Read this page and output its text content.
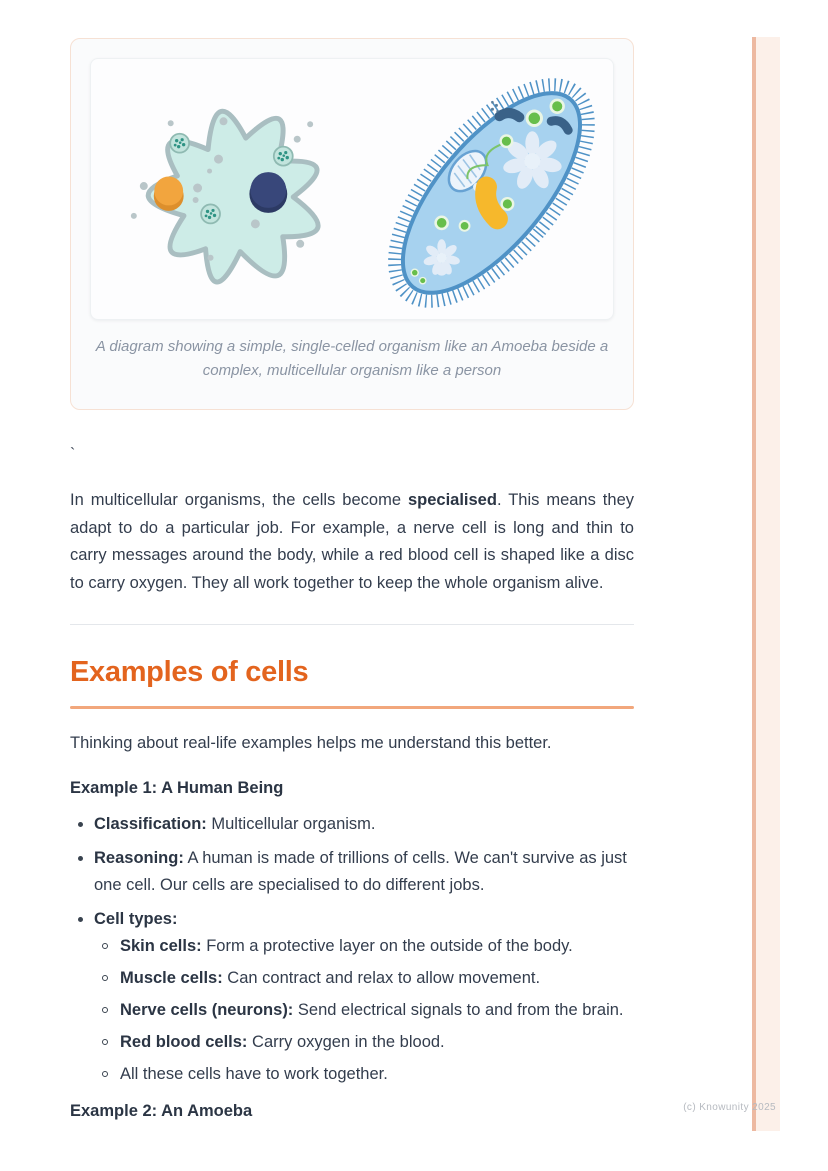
(c) Knowunity 2025
A diagram showing a simple, single-celled organism like an Amoeba beside a
complex, multicellular organism like a person

`

In multicellular organisms, the cells become specialised. This means they adapt to do a particular job. For example, a nerve cell is long and thin to carry messages around the body, while a red blood cell is shaped like a disc to carry oxygen. They all work together to keep the whole organism alive.

Examples of cells

Thinking about real-life examples helps me understand this better.

Example 1: A Human Being

Classification: Multicellular organism.
Reasoning: A human is made of trillions of cells. We can't survive as just one cell. Our cells are specialised to do different jobs.
Cell types:
Skin cells: Form a protective layer on the outside of the body.
Muscle cells: Can contract and relax to allow movement.
Nerve cells (neurons): Send electrical signals to and from the brain.
Red blood cells: Carry oxygen in the blood.
All these cells have to work together.

Example 2: An Amoeba
